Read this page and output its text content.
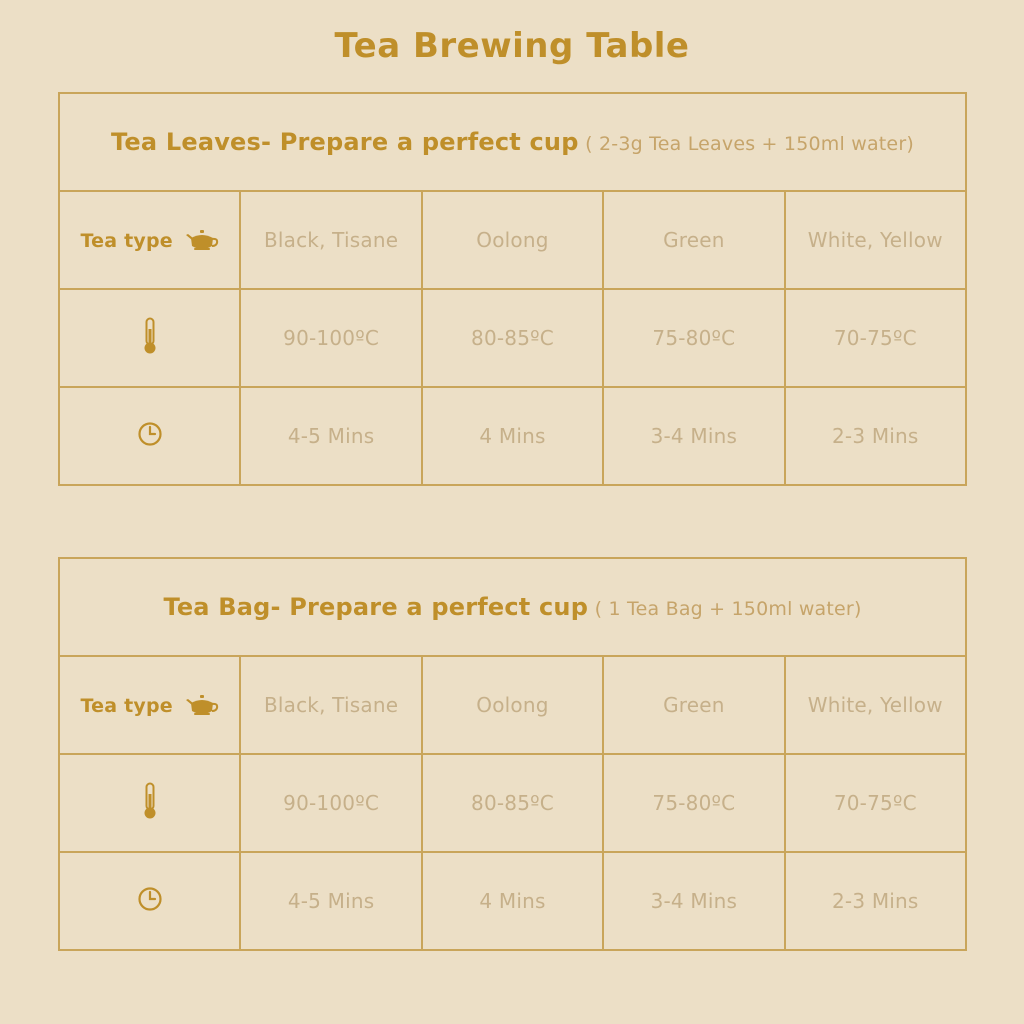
Tea Brewing Table
Tea Leaves- Prepare a perfect cup ( 2-3g Tea Leaves + 150ml water)				

Tea type	Black, Tisane	Oolong	Green	White, Yellow

	90-100ºC	80-85ºC	75-80ºC	70-75ºC

	4-5 Mins	4 Mins	3-4 Mins	2-3 Mins
Tea Bag- Prepare a perfect cup ( 1 Tea Bag + 150ml water)				

Tea type	Black, Tisane	Oolong	Green	White, Yellow

	90-100ºC	80-85ºC	75-80ºC	70-75ºC

	4-5 Mins	4 Mins	3-4 Mins	2-3 Mins
